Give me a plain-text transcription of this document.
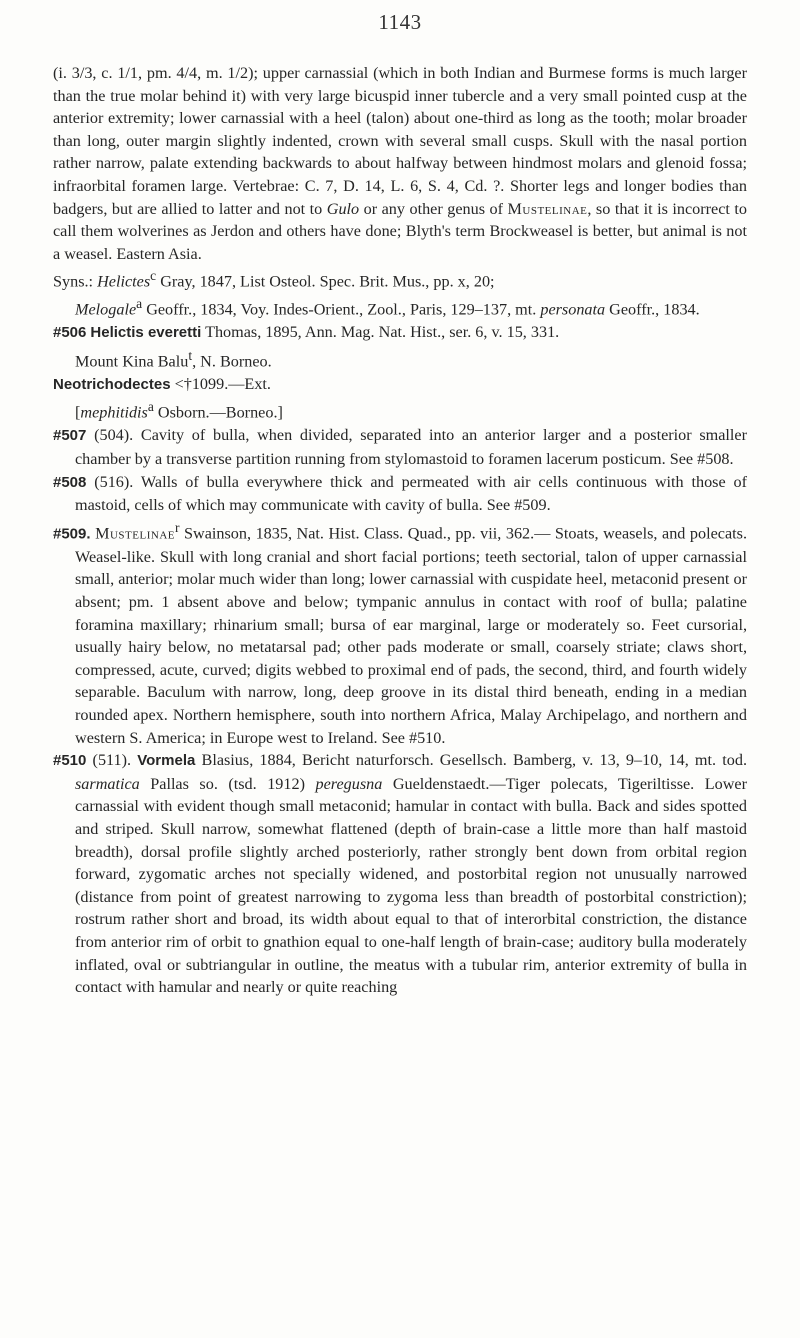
1143

(i. 3/3, c. 1/1, pm. 4/4, m. 1/2); upper carnassial (which in both Indian and Burmese forms is much larger than the true molar behind it) with very large bicuspid inner tubercle and a very small pointed cusp at the anterior extremity; lower carnassial with a heel (talon) about one-third as long as the tooth; molar broader than long, outer margin slightly indented, crown with several small cusps. Skull with the nasal portion rather narrow, palate extending backwards to about halfway between hindmost molars and glenoid fossa; infraorbital foramen large. Vertebrae: C. 7, D. 14, L. 6, S. 4, Cd. ?. Shorter legs and longer bodies than badgers, but are allied to latter and not to Gulo or any other genus of Mustelinae, so that it is incorrect to call them wolverines as Jerdon and others have done; Blyth's term Brockweasel is better, but animal is not a weasel. Eastern Asia.

Syns.: Helictes$^c$ Gray, 1847, List Osteol. Spec. Brit. Mus., pp. x, 20;
Melogale$^a$ Geoffr., 1834, Voy. Indes-Orient., Zool., Paris, 129–137, mt. personata Geoffr., 1834.

#506 Helictis everetti Thomas, 1895, Ann. Mag. Nat. Hist., ser. 6, v. 15, 331.
Mount Kina Balu$^t$, N. Borneo.

Neotrichodectes <†1099.—Ext.
[mephitidis$^a$ Osborn.—Borneo.]

#507 (504). Cavity of bulla, when divided, separated into an anterior larger and a posterior smaller chamber by a transverse partition running from stylomastoid to foramen lacerum posticum. See #508.

#508 (516). Walls of bulla everywhere thick and permeated with air cells continuous with those of mastoid, cells of which may communicate with cavity of bulla. See #509.

#509. Mustelinae$^r$ Swainson, 1835, Nat. Hist. Class. Quad., pp. vii, 362.— Stoats, weasels, and polecats. Weasel-like. Skull with long cranial and short facial portions; teeth sectorial, talon of upper carnassial small, anterior; molar much wider than long; lower carnassial with cuspidate heel, metaconid present or absent; pm. 1 absent above and below; tympanic annulus in contact with roof of bulla; palatine foramina maxillary; rhinarium small; bursa of ear marginal, large or moderately so. Feet cursorial, usually hairy below, no metatarsal pad; other pads moderate or small, coarsely striate; claws short, compressed, acute, curved; digits webbed to proximal end of pads, the second, third, and fourth widely separable. Baculum with narrow, long, deep groove in its distal third beneath, ending in a median rounded apex. Northern hemisphere, south into northern Africa, Malay Archipelago, and northern and western S. America; in Europe west to Ireland. See #510.

#510 (511). Vormela Blasius, 1884, Bericht naturforsch. Gesellsch. Bamberg, v. 13, 9–10, 14, mt. tod. sarmatica Pallas so. (tsd. 1912) peregusna Gueldenstaedt.—Tiger polecats, Tigeriltisse. Lower carnassial with evident though small metaconid; hamular in contact with bulla. Back and sides spotted and striped. Skull narrow, somewhat flattened (depth of brain-case a little more than half mastoid breadth), dorsal profile slightly arched posteriorly, rather strongly bent down from orbital region forward, zygomatic arches not specially widened, and postorbital region not unusually narrowed (distance from point of greatest narrowing to zygoma less than breadth of postorbital constriction); rostrum rather short and broad, its width about equal to that of interorbital constriction, the distance from anterior rim of orbit to gnathion equal to one-half length of brain-case; auditory bulla moderately inflated, oval or subtriangular in outline, the meatus with a tubular rim, anterior extremity of bulla in contact with hamular and nearly or quite reaching
